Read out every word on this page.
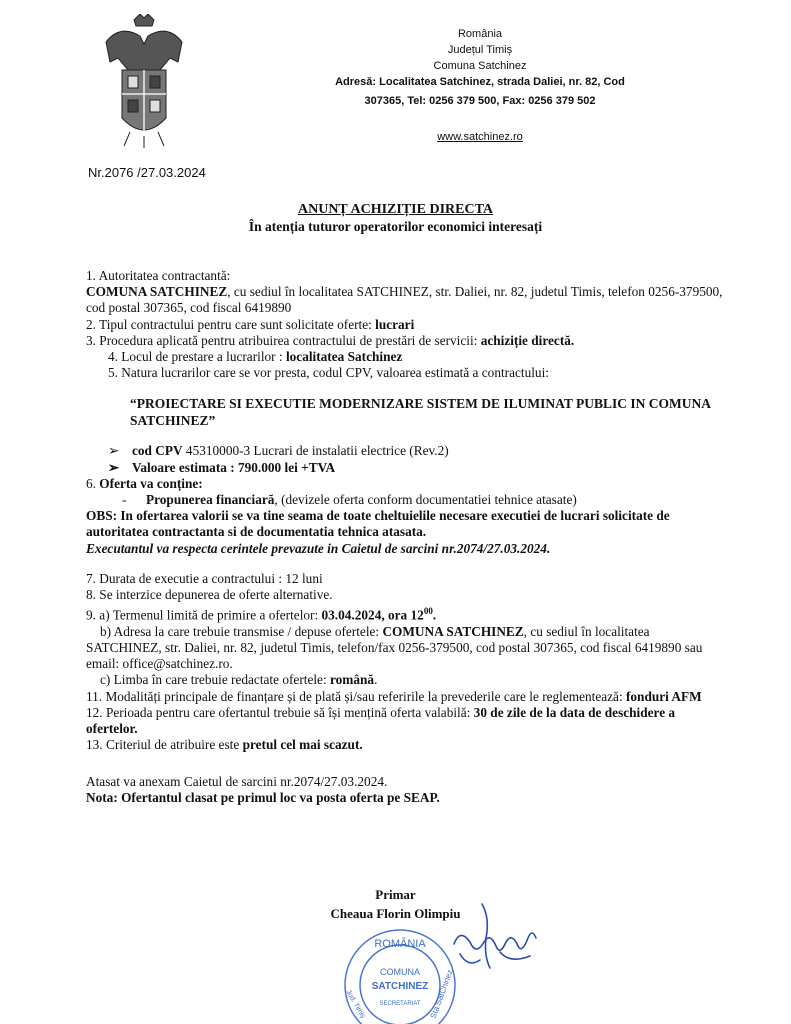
România
Județul Timiș
Comuna Satchinez
Adresă: Localitatea Satchinez, strada Daliei, nr. 82, Cod
307365, Tel: 0256 379 500, Fax: 0256 379 502
www.satchinez.ro
Nr.2076 /27.03.2024
ANUNȚ ACHIZIȚIE DIRECTA
În atenția tuturor operatorilor economici interesați

1. Autoritatea contractantă:

COMUNA SATCHINEZ, cu sediul în localitatea SATCHINEZ, str. Daliei, nr. 82, judetul Timis, telefon 0256-379500, cod postal 307365, cod fiscal 6419890

2. Tipul contractului pentru care sunt solicitate oferte: lucrari

3. Procedura aplicată pentru atribuirea contractului de prestări de servicii: achiziție directă.

4. Locul de prestare a lucrarilor : localitatea Satchinez

5. Natura lucrarilor care se vor presta, codul CPV, valoarea estimată a contractului:

“PROIECTARE SI EXECUTIE MODERNIZARE SISTEM DE ILUMINAT PUBLIC IN COMUNA SATCHINEZ”

➢ cod CPV 45310000-3 Lucrari de instalatii electrice (Rev.2)

➢ Valoare estimata : 790.000 lei +TVA

6. Oferta va conține:

- Propunerea financiară, (devizele oferta conform documentatiei tehnice atasate)

OBS: In ofertarea valorii se va tine seama de toate cheltuielile necesare executiei de lucrari solicitate de autoritatea contractanta si de documentatia tehnica atasata.

Executantul va respecta cerintele prevazute in Caietul de sarcini nr.2074/27.03.2024.

7. Durata de executie a contractului : 12 luni

8. Se interzice depunerea de oferte alternative.

9. a) Termenul limită de primire a ofertelor: 03.04.2024, ora $12^{00}$.

b) Adresa la care trebuie transmise / depuse ofertele: COMUNA SATCHINEZ, cu sediul în localitatea SATCHINEZ, str. Daliei, nr. 82, judetul Timis, telefon/fax 0256-379500, cod postal 307365, cod fiscal 6419890 sau email: office@satchinez.ro.

c) Limba în care trebuie redactate ofertele: română.

11. Modalități principale de finanțare și de plată și/sau referirile la prevederile care le reglementează: fonduri AFM

12. Perioada pentru care ofertantul trebuie să își mențină oferta valabilă: 30 de zile de la data de deschidere a ofertelor.

13. Criteriul de atribuire este pretul cel mai scazut.

Atasat va anexam Caietul de sarcini nr.2074/27.03.2024.

Nota: Ofertantul clasat pe primul loc va posta oferta pe SEAP.

Primar
Cheaua Florin Olimpiu
ROMÂNIA
COMUNA
SATCHINEZ
SECRETARIAT Sta SatChinez
Jud. Timiș
